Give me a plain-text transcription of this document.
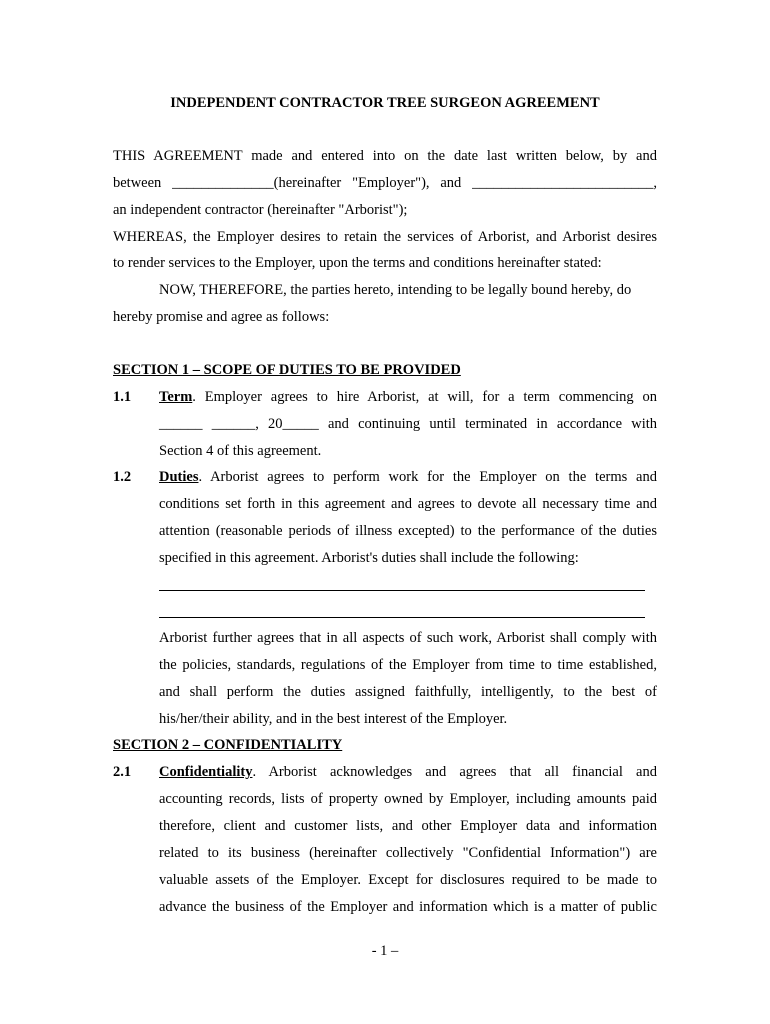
INDEPENDENT CONTRACTOR TREE SURGEON AGREEMENT
THIS AGREEMENT made and entered into on the date last written below, by and
between ______________(hereinafter "Employer"), and _________________________,
an independent contractor (hereinafter "Arborist");
WHEREAS, the Employer desires to retain the services of Arborist, and Arborist desires
to render services to the Employer, upon the terms and conditions hereinafter stated:
NOW, THEREFORE, the parties hereto, intending to be legally bound hereby, do
hereby promise and agree as follows:
SECTION 1 – SCOPE OF DUTIES TO BE PROVIDED
1.1 Term. Employer agrees to hire Arborist, at will, for a term commencing on
______ ______, 20_____ and continuing until terminated in accordance with
Section 4 of this agreement.
1.2 Duties. Arborist agrees to perform work for the Employer on the terms and
conditions set forth in this agreement and agrees to devote all necessary time and
attention (reasonable periods of illness excepted) to the performance of the duties
specified in this agreement. Arborist's duties shall include the following:
Arborist further agrees that in all aspects of such work, Arborist shall comply with
the policies, standards, regulations of the Employer from time to time established,
and shall perform the duties assigned faithfully, intelligently, to the best of
his/her/their ability, and in the best interest of the Employer.
SECTION 2 – CONFIDENTIALITY
2.1 Confidentiality. Arborist acknowledges and agrees that all financial and
accounting records, lists of property owned by Employer, including amounts paid
therefore, client and customer lists, and other Employer data and information
related to its business (hereinafter collectively "Confidential Information") are
valuable assets of the Employer. Except for disclosures required to be made to
advance the business of the Employer and information which is a matter of public
- 1 –
